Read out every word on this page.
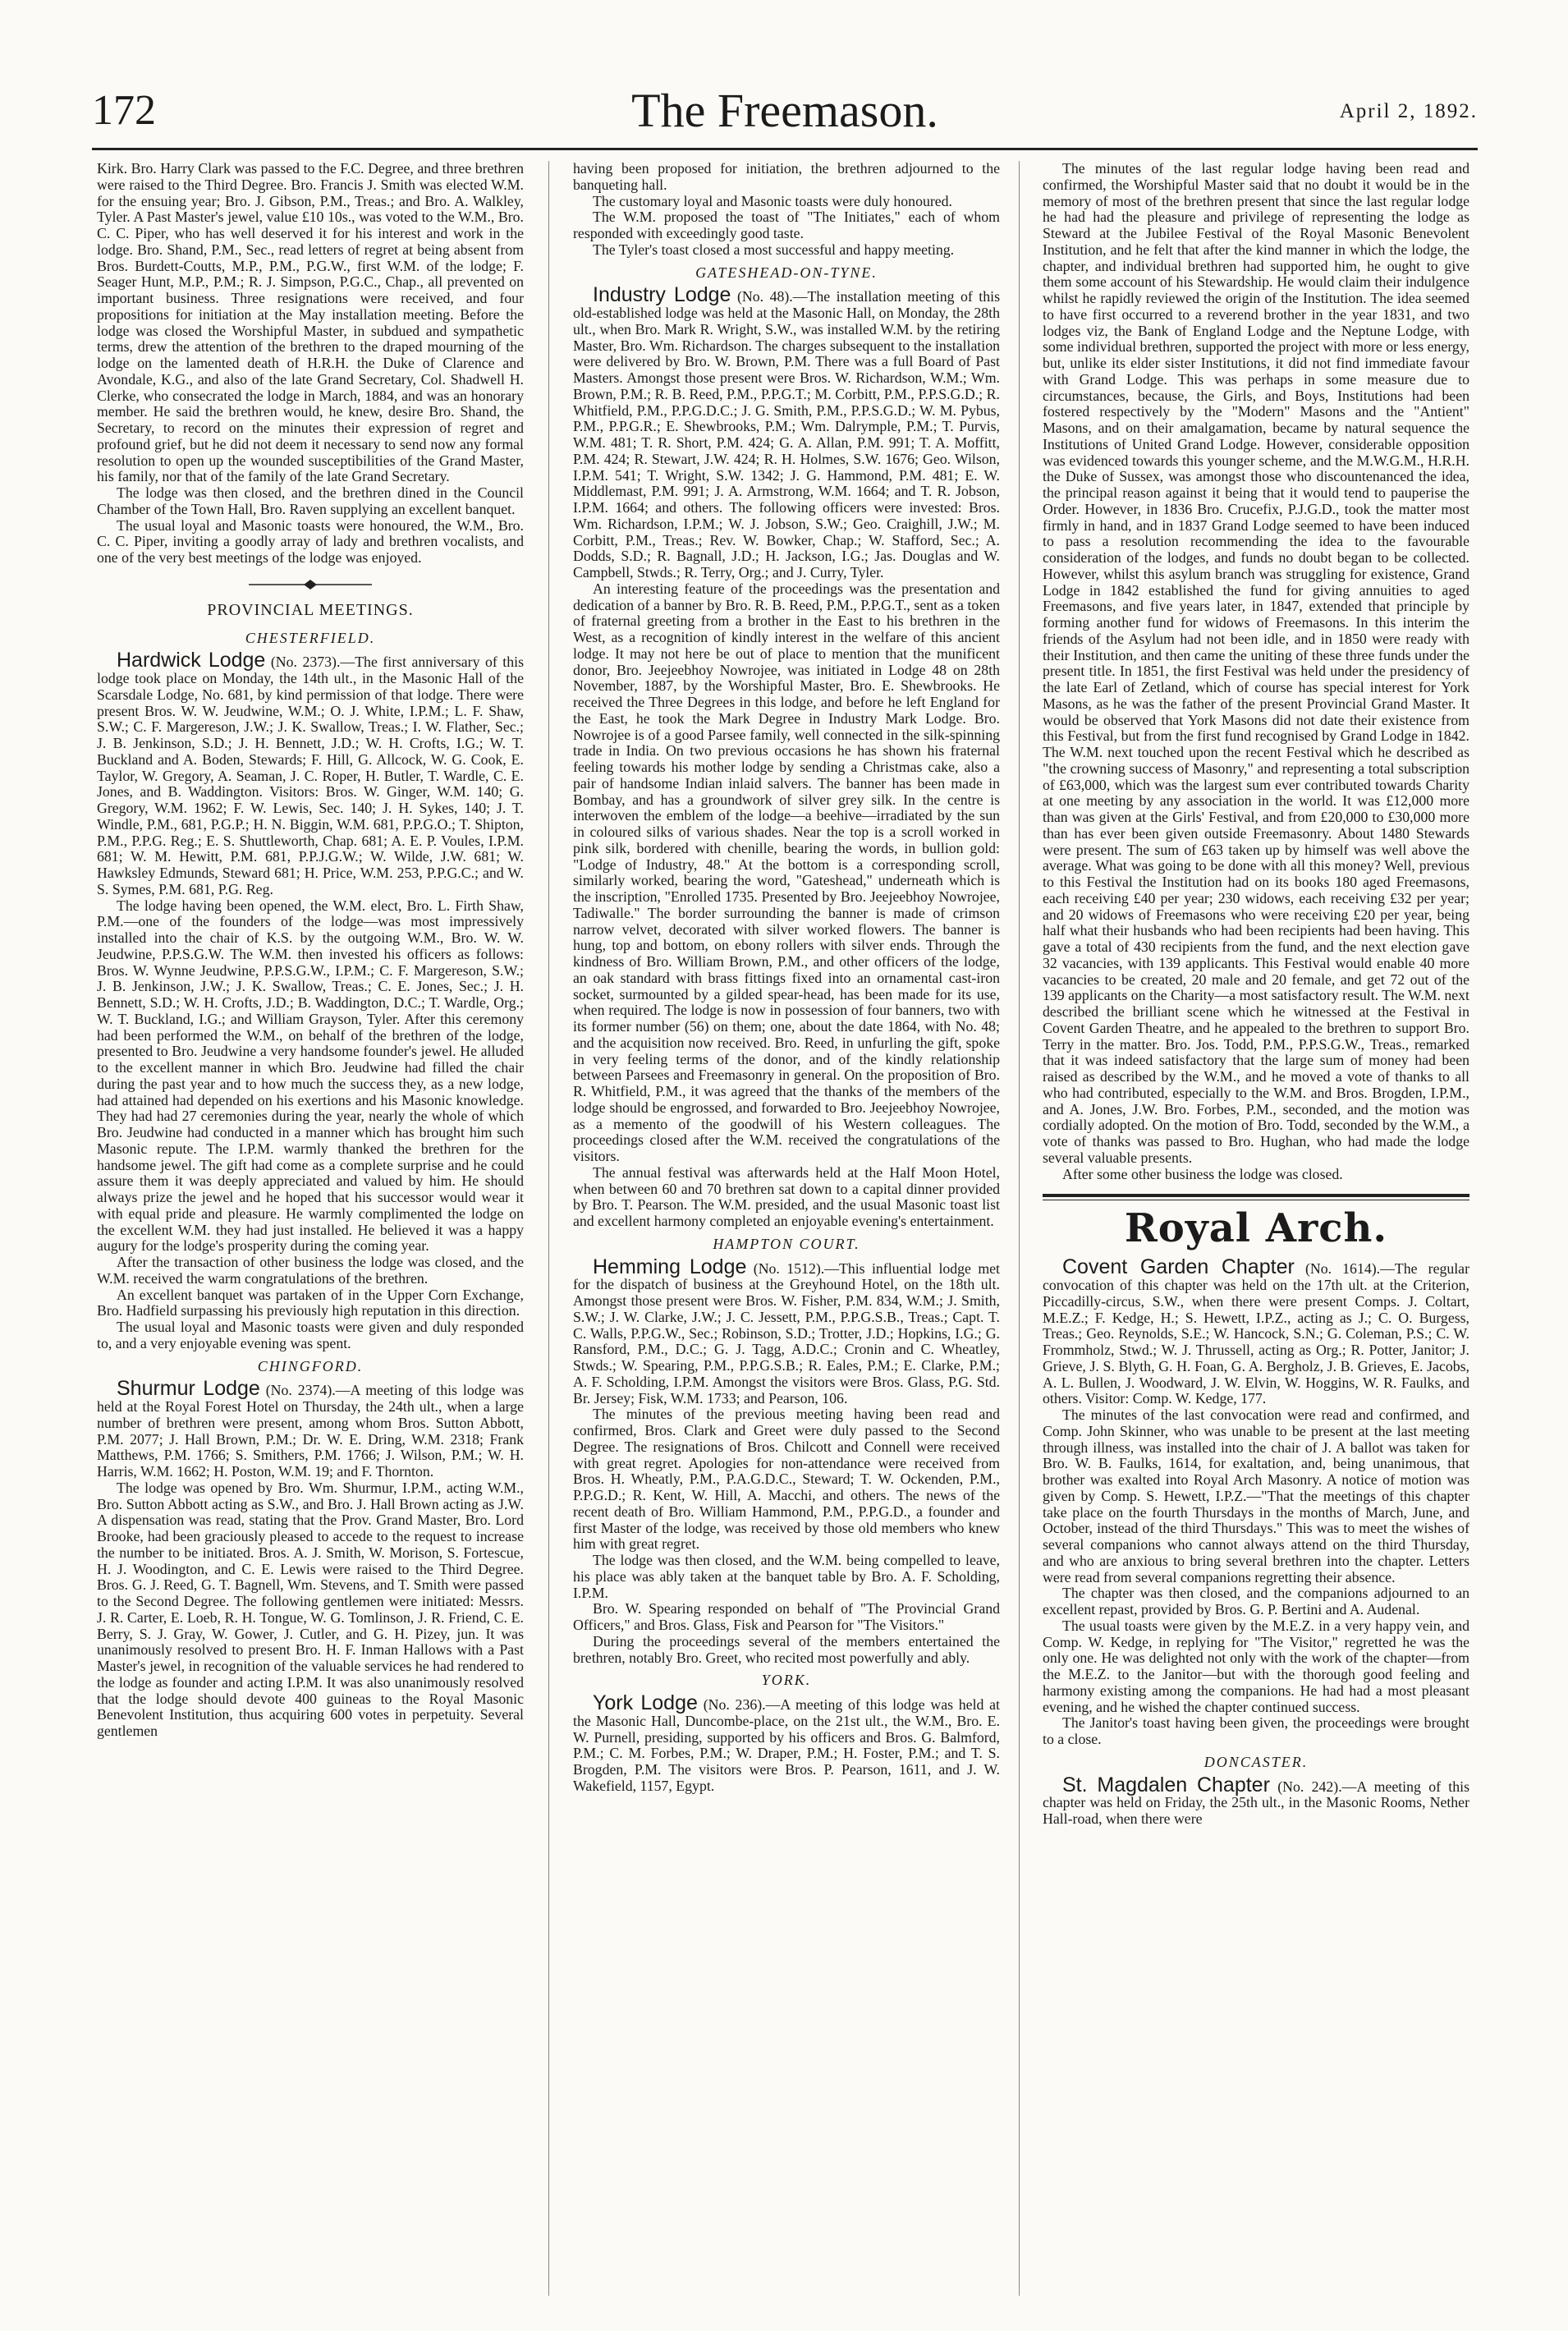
172	The Freemason.	April 2, 1892.

Kirk. Bro. Harry Clark was passed to the F.C. Degree, and three brethren were raised to the Third Degree. Bro. Francis J. Smith was elected W.M. for the ensuing year; Bro. J. Gibson, P.M., Treas.; and Bro. A. Walkley, Tyler. A Past Master's jewel, value £10 10s., was voted to the W.M., Bro. C. C. Piper, who has well deserved it for his interest and work in the lodge. Bro. Shand, P.M., Sec., read letters of regret at being absent from Bros. Burdett-Coutts, M.P., P.M., P.G.W., first W.M. of the lodge; F. Seager Hunt, M.P., P.M.; R. J. Simpson, P.G.C., Chap., all prevented on important business. Three resignations were received, and four propositions for initiation at the May installation meeting. Before the lodge was closed the Worshipful Master, in subdued and sympathetic terms, drew the attention of the brethren to the draped mourning of the lodge on the lamented death of H.R.H. the Duke of Clarence and Avondale, K.G., and also of the late Grand Secretary, Col. Shadwell H. Clerke, who consecrated the lodge in March, 1884, and was an honorary member. He said the brethren would, he knew, desire Bro. Shand, the Secretary, to record on the minutes their expression of regret and profound grief, but he did not deem it necessary to send now any formal resolution to open up the wounded susceptibilities of the Grand Master, his family, nor that of the family of the late Grand Secretary.

The lodge was then closed, and the brethren dined in the Council Chamber of the Town Hall, Bro. Raven supplying an excellent banquet.

The usual loyal and Masonic toasts were honoured, the W.M., Bro. C. C. Piper, inviting a goodly array of lady and brethren vocalists, and one of the very best meetings of the lodge was enjoyed.

PROVINCIAL MEETINGS.
CHESTERFIELD.

Hardwick Lodge (No. 2373).—The first anniversary of this lodge took place on Monday, the 14th ult., in the Masonic Hall of the Scarsdale Lodge, No. 681, by kind permission of that lodge. There were present Bros. W. W. Jeudwine, W.M.; O. J. White, I.P.M.; L. F. Shaw, S.W.; C. F. Margereson, J.W.; J. K. Swallow, Treas.; I. W. Flather, Sec.; J. B. Jenkinson, S.D.; J. H. Bennett, J.D.; W. H. Crofts, I.G.; W. T. Buckland and A. Boden, Stewards; F. Hill, G. Allcock, W. G. Cook, E. Taylor, W. Gregory, A. Seaman, J. C. Roper, H. Butler, T. Wardle, C. E. Jones, and B. Waddington. Visitors: Bros. W. Ginger, W.M. 140; G. Gregory, W.M. 1962; F. W. Lewis, Sec. 140; J. H. Sykes, 140; J. T. Windle, P.M., 681, P.G.P.; H. N. Biggin, W.M. 681, P.P.G.O.; T. Shipton, P.M., P.P.G. Reg.; E. S. Shuttleworth, Chap. 681; A. E. P. Voules, I.P.M. 681; W. M. Hewitt, P.M. 681, P.P.J.G.W.; W. Wilde, J.W. 681; W. Hawksley Edmunds, Steward 681; H. Price, W.M. 253, P.P.G.C.; and W. S. Symes, P.M. 681, P.G. Reg.

The lodge having been opened, the W.M. elect, Bro. L. Firth Shaw, P.M.—one of the founders of the lodge—was most impressively installed into the chair of K.S. by the outgoing W.M., Bro. W. W. Jeudwine, P.P.S.G.W. The W.M. then invested his officers as follows: Bros. W. Wynne Jeudwine, P.P.S.G.W., I.P.M.; C. F. Margereson, S.W.; J. B. Jenkinson, J.W.; J. K. Swallow, Treas.; C. E. Jones, Sec.; J. H. Bennett, S.D.; W. H. Crofts, J.D.; B. Waddington, D.C.; T. Wardle, Org.; W. T. Buckland, I.G.; and William Grayson, Tyler. After this ceremony had been performed the W.M., on behalf of the brethren of the lodge, presented to Bro. Jeudwine a very handsome founder's jewel. He alluded to the excellent manner in which Bro. Jeudwine had filled the chair during the past year and to how much the success they, as a new lodge, had attained had depended on his exertions and his Masonic knowledge. They had had 27 ceremonies during the year, nearly the whole of which Bro. Jeudwine had conducted in a manner which has brought him such Masonic repute. The I.P.M. warmly thanked the brethren for the handsome jewel. The gift had come as a complete surprise and he could assure them it was deeply appreciated and valued by him. He should always prize the jewel and he hoped that his successor would wear it with equal pride and pleasure. He warmly complimented the lodge on the excellent W.M. they had just installed. He believed it was a happy augury for the lodge's prosperity during the coming year.

After the transaction of other business the lodge was closed, and the W.M. received the warm congratulations of the brethren.

An excellent banquet was partaken of in the Upper Corn Exchange, Bro. Hadfield surpassing his previously high reputation in this direction.

The usual loyal and Masonic toasts were given and duly responded to, and a very enjoyable evening was spent.

CHINGFORD.

Shurmur Lodge (No. 2374).—A meeting of this lodge was held at the Royal Forest Hotel on Thursday, the 24th ult., when a large number of brethren were present, among whom Bros. Sutton Abbott, P.M. 2077; J. Hall Brown, P.M.; Dr. W. E. Dring, W.M. 2318; Frank Matthews, P.M. 1766; S. Smithers, P.M. 1766; J. Wilson, P.M.; W. H. Harris, W.M. 1662; H. Poston, W.M. 19; and F. Thornton.

The lodge was opened by Bro. Wm. Shurmur, I.P.M., acting W.M., Bro. Sutton Abbott acting as S.W., and Bro. J. Hall Brown acting as J.W. A dispensation was read, stating that the Prov. Grand Master, Bro. Lord Brooke, had been graciously pleased to accede to the request to increase the number to be initiated. Bros. A. J. Smith, W. Morison, S. Fortescue, H. J. Woodington, and C. E. Lewis were raised to the Third Degree. Bros. G. J. Reed, G. T. Bagnell, Wm. Stevens, and T. Smith were passed to the Second Degree. The following gentlemen were initiated: Messrs. J. R. Carter, E. Loeb, R. H. Tongue, W. G. Tomlinson, J. R. Friend, C. E. Berry, S. J. Gray, W. Gower, J. Cutler, and G. H. Pizey, jun. It was unanimously resolved to present Bro. H. F. Inman Hallows with a Past Master's jewel, in recognition of the valuable services he had rendered to the lodge as founder and acting I.P.M. It was also unanimously resolved that the lodge should devote 400 guineas to the Royal Masonic Benevolent Institution, thus acquiring 600 votes in perpetuity. Several gentlemen

having been proposed for initiation, the brethren adjourned to the banqueting hall.

The customary loyal and Masonic toasts were duly honoured.

The W.M. proposed the toast of "The Initiates," each of whom responded with exceedingly good taste.

The Tyler's toast closed a most successful and happy meeting.

GATESHEAD-ON-TYNE.

Industry Lodge (No. 48).—The installation meeting of this old-established lodge was held at the Masonic Hall, on Monday, the 28th ult., when Bro. Mark R. Wright, S.W., was installed W.M. by the retiring Master, Bro. Wm. Richardson. The charges subsequent to the installation were delivered by Bro. W. Brown, P.M. There was a full Board of Past Masters. Amongst those present were Bros. W. Richardson, W.M.; Wm. Brown, P.M.; R. B. Reed, P.M., P.P.G.T.; M. Corbitt, P.M., P.P.S.G.D.; R. Whitfield, P.M., P.P.G.D.C.; J. G. Smith, P.M., P.P.S.G.D.; W. M. Pybus, P.M., P.P.G.R.; E. Shewbrooks, P.M.; Wm. Dalrymple, P.M.; T. Purvis, W.M. 481; T. R. Short, P.M. 424; G. A. Allan, P.M. 991; T. A. Moffitt, P.M. 424; R. Stewart, J.W. 424; R. H. Holmes, S.W. 1676; Geo. Wilson, I.P.M. 541; T. Wright, S.W. 1342; J. G. Hammond, P.M. 481; E. W. Middlemast, P.M. 991; J. A. Armstrong, W.M. 1664; and T. R. Jobson, I.P.M. 1664; and others. The following officers were invested: Bros. Wm. Richardson, I.P.M.; W. J. Jobson, S.W.; Geo. Craighill, J.W.; M. Corbitt, P.M., Treas.; Rev. W. Bowker, Chap.; W. Stafford, Sec.; A. Dodds, S.D.; R. Bagnall, J.D.; H. Jackson, I.G.; Jas. Douglas and W. Campbell, Stwds.; R. Terry, Org.; and J. Curry, Tyler.

An interesting feature of the proceedings was the presentation and dedication of a banner by Bro. R. B. Reed, P.M., P.P.G.T., sent as a token of fraternal greeting from a brother in the East to his brethren in the West, as a recognition of kindly interest in the welfare of this ancient lodge. It may not here be out of place to mention that the munificent donor, Bro. Jeejeebhoy Nowrojee, was initiated in Lodge 48 on 28th November, 1887, by the Worshipful Master, Bro. E. Shewbrooks. He received the Three Degrees in this lodge, and before he left England for the East, he took the Mark Degree in Industry Mark Lodge. Bro. Nowrojee is of a good Parsee family, well connected in the silk-spinning trade in India. On two previous occasions he has shown his fraternal feeling towards his mother lodge by sending a Christmas cake, also a pair of handsome Indian inlaid salvers. The banner has been made in Bombay, and has a groundwork of silver grey silk. In the centre is interwoven the emblem of the lodge—a beehive—irradiated by the sun in coloured silks of various shades. Near the top is a scroll worked in pink silk, bordered with chenille, bearing the words, in bullion gold: "Lodge of Industry, 48." At the bottom is a corresponding scroll, similarly worked, bearing the word, "Gateshead," underneath which is the inscription, "Enrolled 1735. Presented by Bro. Jeejeebhoy Nowrojee, Tadiwalle." The border surrounding the banner is made of crimson narrow velvet, decorated with silver worked flowers. The banner is hung, top and bottom, on ebony rollers with silver ends. Through the kindness of Bro. William Brown, P.M., and other officers of the lodge, an oak standard with brass fittings fixed into an ornamental cast-iron socket, surmounted by a gilded spear-head, has been made for its use, when required. The lodge is now in possession of four banners, two with its former number (56) on them; one, about the date 1864, with No. 48; and the acquisition now received. Bro. Reed, in unfurling the gift, spoke in very feeling terms of the donor, and of the kindly relationship between Parsees and Freemasonry in general. On the proposition of Bro. R. Whitfield, P.M., it was agreed that the thanks of the members of the lodge should be engrossed, and forwarded to Bro. Jeejeebhoy Nowrojee, as a memento of the goodwill of his Western colleagues. The proceedings closed after the W.M. received the congratulations of the visitors.

The annual festival was afterwards held at the Half Moon Hotel, when between 60 and 70 brethren sat down to a capital dinner provided by Bro. T. Pearson. The W.M. presided, and the usual Masonic toast list and excellent harmony completed an enjoyable evening's entertainment.

HAMPTON COURT.

Hemming Lodge (No. 1512).—This influential lodge met for the dispatch of business at the Greyhound Hotel, on the 18th ult. Amongst those present were Bros. W. Fisher, P.M. 834, W.M.; J. Smith, S.W.; J. W. Clarke, J.W.; J. C. Jessett, P.M., P.P.G.S.B., Treas.; Capt. T. C. Walls, P.P.G.W., Sec.; Robinson, S.D.; Trotter, J.D.; Hopkins, I.G.; G. Ransford, P.M., D.C.; G. J. Tagg, A.D.C.; Cronin and C. Wheatley, Stwds.; W. Spearing, P.M., P.P.G.S.B.; R. Eales, P.M.; E. Clarke, P.M.; A. F. Scholding, I.P.M. Amongst the visitors were Bros. Glass, P.G. Std. Br. Jersey; Fisk, W.M. 1733; and Pearson, 106.

The minutes of the previous meeting having been read and confirmed, Bros. Clark and Greet were duly passed to the Second Degree. The resignations of Bros. Chilcott and Connell were received with great regret. Apologies for non-attendance were received from Bros. H. Wheatly, P.M., P.A.G.D.C., Steward; T. W. Ockenden, P.M., P.P.G.D.; R. Kent, W. Hill, A. Macchi, and others. The news of the recent death of Bro. William Hammond, P.M., P.P.G.D., a founder and first Master of the lodge, was received by those old members who knew him with great regret.

The lodge was then closed, and the W.M. being compelled to leave, his place was ably taken at the banquet table by Bro. A. F. Scholding, I.P.M.

Bro. W. Spearing responded on behalf of "The Provincial Grand Officers," and Bros. Glass, Fisk and Pearson for "The Visitors."

During the proceedings several of the members entertained the brethren, notably Bro. Greet, who recited most powerfully and ably.

YORK.

York Lodge (No. 236).—A meeting of this lodge was held at the Masonic Hall, Duncombe-place, on the 21st ult., the W.M., Bro. E. W. Purnell, presiding, supported by his officers and Bros. G. Balmford, P.M.; C. M. Forbes, P.M.; W. Draper, P.M.; H. Foster, P.M.; and T. S. Brogden, P.M. The visitors were Bros. P. Pearson, 1611, and J. W. Wakefield, 1157, Egypt.

The minutes of the last regular lodge having been read and confirmed, the Worshipful Master said that no doubt it would be in the memory of most of the brethren present that since the last regular lodge he had had the pleasure and privilege of representing the lodge as Steward at the Jubilee Festival of the Royal Masonic Benevolent Institution, and he felt that after the kind manner in which the lodge, the chapter, and individual brethren had supported him, he ought to give them some account of his Stewardship. He would claim their indulgence whilst he rapidly reviewed the origin of the Institution. The idea seemed to have first occurred to a reverend brother in the year 1831, and two lodges viz, the Bank of England Lodge and the Neptune Lodge, with some individual brethren, supported the project with more or less energy, but, unlike its elder sister Institutions, it did not find immediate favour with Grand Lodge. This was perhaps in some measure due to circumstances, because, the Girls, and Boys, Institutions had been fostered respectively by the "Modern" Masons and the "Antient" Masons, and on their amalgamation, became by natural sequence the Institutions of United Grand Lodge. However, considerable opposition was evidenced towards this younger scheme, and the M.W.G.M., H.R.H. the Duke of Sussex, was amongst those who discountenanced the idea, the principal reason against it being that it would tend to pauperise the Order. However, in 1836 Bro. Crucefix, P.J.G.D., took the matter most firmly in hand, and in 1837 Grand Lodge seemed to have been induced to pass a resolution recommending the idea to the favourable consideration of the lodges, and funds no doubt began to be collected. However, whilst this asylum branch was struggling for existence, Grand Lodge in 1842 established the fund for giving annuities to aged Freemasons, and five years later, in 1847, extended that principle by forming another fund for widows of Freemasons. In this interim the friends of the Asylum had not been idle, and in 1850 were ready with their Institution, and then came the uniting of these three funds under the present title. In 1851, the first Festival was held under the presidency of the late Earl of Zetland, which of course has special interest for York Masons, as he was the father of the present Provincial Grand Master. It would be observed that York Masons did not date their existence from this Festival, but from the first fund recognised by Grand Lodge in 1842. The W.M. next touched upon the recent Festival which he described as "the crowning success of Masonry," and representing a total subscription of £63,000, which was the largest sum ever contributed towards Charity at one meeting by any association in the world. It was £12,000 more than was given at the Girls' Festival, and from £20,000 to £30,000 more than has ever been given outside Freemasonry. About 1480 Stewards were present. The sum of £63 taken up by himself was well above the average. What was going to be done with all this money? Well, previous to this Festival the Institution had on its books 180 aged Freemasons, each receiving £40 per year; 230 widows, each receiving £32 per year; and 20 widows of Freemasons who were receiving £20 per year, being half what their husbands who had been recipients had been having. This gave a total of 430 recipients from the fund, and the next election gave 32 vacancies, with 139 applicants. This Festival would enable 40 more vacancies to be created, 20 male and 20 female, and get 72 out of the 139 applicants on the Charity—a most satisfactory result. The W.M. next described the brilliant scene which he witnessed at the Festival in Covent Garden Theatre, and he appealed to the brethren to support Bro. Terry in the matter. Bro. Jos. Todd, P.M., P.P.S.G.W., Treas., remarked that it was indeed satisfactory that the large sum of money had been raised as described by the W.M., and he moved a vote of thanks to all who had contributed, especially to the W.M. and Bros. Brogden, I.P.M., and A. Jones, J.W. Bro. Forbes, P.M., seconded, and the motion was cordially adopted. On the motion of Bro. Todd, seconded by the W.M., a vote of thanks was passed to Bro. Hughan, who had made the lodge several valuable presents.

After some other business the lodge was closed.

Royal Arch.

Covent Garden Chapter (No. 1614).—The regular convocation of this chapter was held on the 17th ult. at the Criterion, Piccadilly-circus, S.W., when there were present Comps. J. Coltart, M.E.Z.; F. Kedge, H.; S. Hewett, I.P.Z., acting as J.; C. O. Burgess, Treas.; Geo. Reynolds, S.E.; W. Hancock, S.N.; G. Coleman, P.S.; C. W. Frommholz, Stwd.; W. J. Thrussell, acting as Org.; R. Potter, Janitor; J. Grieve, J. S. Blyth, G. H. Foan, G. A. Bergholz, J. B. Grieves, E. Jacobs, A. L. Bullen, J. Woodward, J. W. Elvin, W. Hoggins, W. R. Faulks, and others. Visitor: Comp. W. Kedge, 177.

The minutes of the last convocation were read and confirmed, and Comp. John Skinner, who was unable to be present at the last meeting through illness, was installed into the chair of J. A ballot was taken for Bro. W. B. Faulks, 1614, for exaltation, and, being unanimous, that brother was exalted into Royal Arch Masonry. A notice of motion was given by Comp. S. Hewett, I.P.Z.—"That the meetings of this chapter take place on the fourth Thursdays in the months of March, June, and October, instead of the third Thursdays." This was to meet the wishes of several companions who cannot always attend on the third Thursday, and who are anxious to bring several brethren into the chapter. Letters were read from several companions regretting their absence.

The chapter was then closed, and the companions adjourned to an excellent repast, provided by Bros. G. P. Bertini and A. Audenal.

The usual toasts were given by the M.E.Z. in a very happy vein, and Comp. W. Kedge, in replying for "The Visitor," regretted he was the only one. He was delighted not only with the work of the chapter—from the M.E.Z. to the Janitor—but with the thorough good feeling and harmony existing among the companions. He had had a most pleasant evening, and he wished the chapter continued success.

The Janitor's toast having been given, the proceedings were brought to a close.

DONCASTER.

St. Magdalen Chapter (No. 242).—A meeting of this chapter was held on Friday, the 25th ult., in the Masonic Rooms, Nether Hall-road, when there were
